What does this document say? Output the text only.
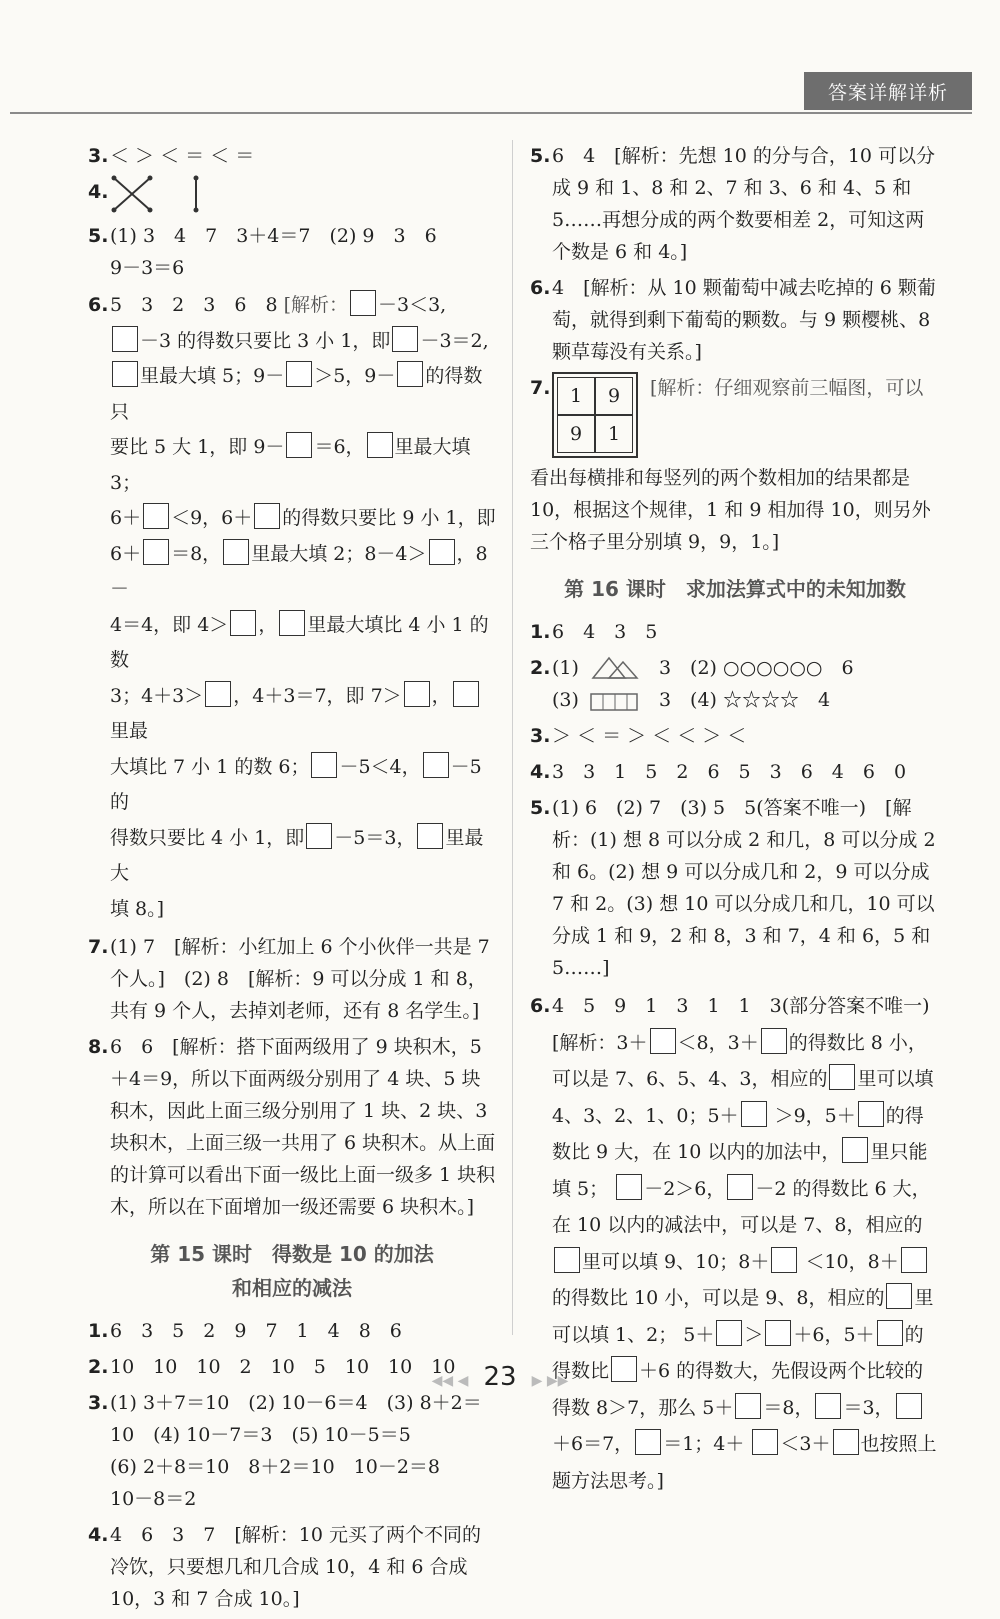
答案详解详析
3. ＜ ＞ ＜ ＝ ＜ ＝
4.
5. (1) 3　4　7　3＋4＝7　(2) 9　3　6
9－3＝6
6. 5　3　2　3　6　8 [解析： －3＜3,
－3 的得数只要比 3 小 1，即 －3＝2,
里最大填 5；9－ ＞5，9－ 的得数只
要比 5 大 1，即 9－ ＝6， 里最大填 3；
6＋ ＜9，6＋ 的得数只要比 9 小 1，即
6＋ ＝8， 里最大填 2；8－4＞ ，8－
4＝4，即 4＞ ， 里最大填比 4 小 1 的数
3；4＋3＞ ，4＋3＝7，即 7＞ ，里最
大填比 7 小 1 的数 6； －5＜4， －5 的
得数只要比 4 小 1，即 －5＝3， 里最大
填 8。]
7. (1) 7　[解析：小红加上 6 个小伙伴一共是 7 个人。]　(2) 8　[解析：9 可以分成 1 和 8，共有 9 个人，去掉刘老师，还有 8 名学生。]
8. 6　6　[解析：搭下面两级用了 9 块积木，5＋4＝9，所以下面两级分别用了 4 块、5 块积木，因此上面三级分别用了 1 块、2 块、3 块积木，上面三级一共用了 6 块积木。从上面的计算可以看出下面一级比上面一级多 1 块积木，所以在下面增加一级还需要 6 块积木。]
第 15 课时　得数是 10 的加法
和相应的减法
1. 6　3　5　2　9　7　1　4　8　6
2. 10　10　10　2　10　5　10　10　10
3. (1) 3＋7＝10　(2) 10－6＝4　(3) 8＋2＝
10　(4) 10－7＝3　(5) 10－5＝5
(6) 2＋8＝10　8＋2＝10　10－2＝8
10－8＝2
4. 4　6　3　7　[解析：10 元买了两个不同的冷饮，只要想几和几合成 10，4 和 6 合成 10，3 和 7 合成 10。]
5. 6　4　[解析：先想 10 的分与合，10 可以分成 9 和 1、8 和 2、7 和 3、6 和 4、5 和 5……再想分成的两个数要相差 2，可知这两个数是 6 和 4。]
6. 4　[解析：从 10 颗葡萄中减去吃掉的 6 颗葡萄，就得到剩下葡萄的颗数。与 9 颗樱桃、8 颗草莓没有关系。]
7.	1	9
9	1
[解析：仔细观察前三幅图，可以
看出每横排和每竖列的两个数相加的结果都是 10，根据这个规律，1 和 9 相加得 10，则另外三个格子里分别填 9，9，1。]
第 16 课时　求加法算式中的未知加数
1. 6　4　3　5
2. (1)	3　(2) ○○○○○○　6
(3)	3　(4) ☆☆☆☆　4
3. ＞ ＜ ＝ ＞ ＜ ＜ ＞ ＜
4. 3　3　1　5　2　6　5　3　6　4　6　0
5. (1) 6　(2) 7　(3) 5　5(答案不唯一)　[解析：(1) 想 8 可以分成 2 和几，8 可以分成 2 和 6。(2) 想 9 可以分成几和 2，9 可以分成 7 和 2。(3) 想 10 可以分成几和几，10 可以分成 1 和 9，2 和 8，3 和 7，4 和 6，5 和 5……]
6. 4　5　9　1　3　1　1　3(部分答案不唯一)　[解析：3＋ ＜8，3＋ 的得数比 8 小，可以是 7、6、5、4、3，相应的 里可以填 4、3、2、1、0；5＋ ＞9，5＋ 的得数比 9 大，在 10 以内的加法中， 里只能填 5； －2＞6， －2 的得数比 6 大，在 10 以内的减法中，可以是 7、8，相应的里可以填 9、10；8＋ ＜10，8＋的得数比 10 小，可以是 9、8，相应的 里可以填 1、2； 5＋ ＞ ＋6，5＋ 的得数比 ＋6 的得数大，先假设两个比较的得数 8＞7，那么 5＋ ＝8， ＝3，＋6＝7， ＝1；4＋ ＜3＋ 也按照上题方法思考。]
◀◀ ◀ 23 ▶ ▶▶
